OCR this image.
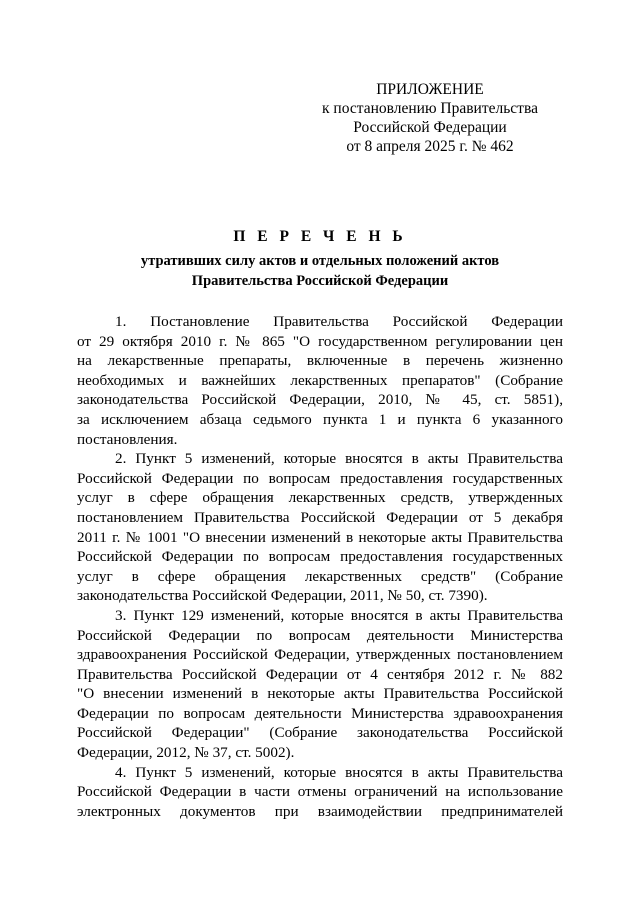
ПРИЛОЖЕНИЕ
к постановлению Правительства
Российской Федерации
от 8 апреля 2025 г. № 462
П Е Р Е Ч Е Н Ь
утративших силу актов и отдельных положений актов
Правительства Российской Федерации
1. Постановление Правительства Российской Федерации
от 29 октября 2010 г. № 865 "О государственном регулировании цен
на лекарственные препараты, включенные в перечень жизненно
необходимых и важнейших лекарственных препаратов" (Собрание
законодательства Российской Федерации, 2010, № 45, ст. 5851),
за исключением абзаца седьмого пункта 1 и пункта 6 указанного
постановления.
2. Пункт 5 изменений, которые вносятся в акты Правительства
Российской Федерации по вопросам предоставления государственных
услуг в сфере обращения лекарственных средств, утвержденных
постановлением Правительства Российской Федерации от 5 декабря
2011 г. № 1001 "О внесении изменений в некоторые акты Правительства
Российской Федерации по вопросам предоставления государственных
услуг в сфере обращения лекарственных средств" (Собрание
законодательства Российской Федерации, 2011, № 50, ст. 7390).
3. Пункт 129 изменений, которые вносятся в акты Правительства
Российской Федерации по вопросам деятельности Министерства
здравоохранения Российской Федерации, утвержденных постановлением
Правительства Российской Федерации от 4 сентября 2012 г. № 882
"О внесении изменений в некоторые акты Правительства Российской
Федерации по вопросам деятельности Министерства здравоохранения
Российской Федерации" (Собрание законодательства Российской
Федерации, 2012, № 37, ст. 5002).
4. Пункт 5 изменений, которые вносятся в акты Правительства
Российской Федерации в части отмены ограничений на использование
электронных документов при взаимодействии предпринимателей
